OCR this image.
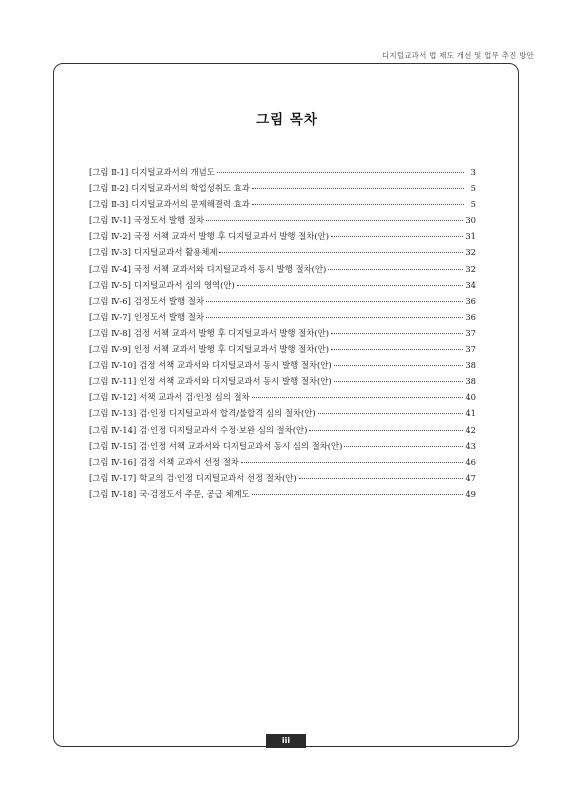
디지털교과서 법 제도 개선 및 업무 추진 방안
그림 목차
[그림 Ⅱ-1] 디지털교과서의 개념도	3
[그림 Ⅱ-2] 디지털교과서의 학업성취도 효과	5
[그림 Ⅱ-3] 디지털교과서의 문제해결력 효과	5
[그림 Ⅳ-1] 국정도서 발행 절차	30
[그림 Ⅳ-2] 국정 서책 교과서 발행 후 디지털교과서 발행 절차(안)	31
[그림 Ⅳ-3] 디지털교과서 활용체제	32
[그림 Ⅳ-4] 국정 서책 교과서와 디지털교과서 동시 발행 절차(안)	32
[그림 Ⅳ-5] 디지털교과서 심의 영역(안)	34
[그림 Ⅳ-6] 검정도서 발행 절차	36
[그림 Ⅳ-7] 인정도서 발행 절차	36
[그림 Ⅳ-8] 검정 서책 교과서 발행 후 디지털교과서 발행 절차(안)	37
[그림 Ⅳ-9] 인정 서책 교과서 발행 후 디지털교과서 발행 절차(안)	37
[그림 Ⅳ-10] 검정 서책 교과서와 디지털교과서 동시 발행 절차(안)	38
[그림 Ⅳ-11] 인정 서책 교과서와 디지털교과서 동시 발행 절차(안)	38
[그림 Ⅳ-12] 서책 교과서 검·인정 심의 절차	40
[그림 Ⅳ-13] 검·인정 디지털교과서 합격/불합격 심의 절차(안)	41
[그림 Ⅳ-14] 검·인정 디지털교과서 수정·보완 심의 절차(안)	42
[그림 Ⅳ-15] 검·인정 서책 교과서와 디지털교과서 동시 심의 절차(안)	43
[그림 Ⅳ-16] 검정 서책 교과서 선정 절차	46
[그림 Ⅳ-17] 학교의 검·인정 디지털교과서 선정 절차(안)	47
[그림 Ⅳ-18] 국·검정도서 주문, 공급 체계도	49
iii
